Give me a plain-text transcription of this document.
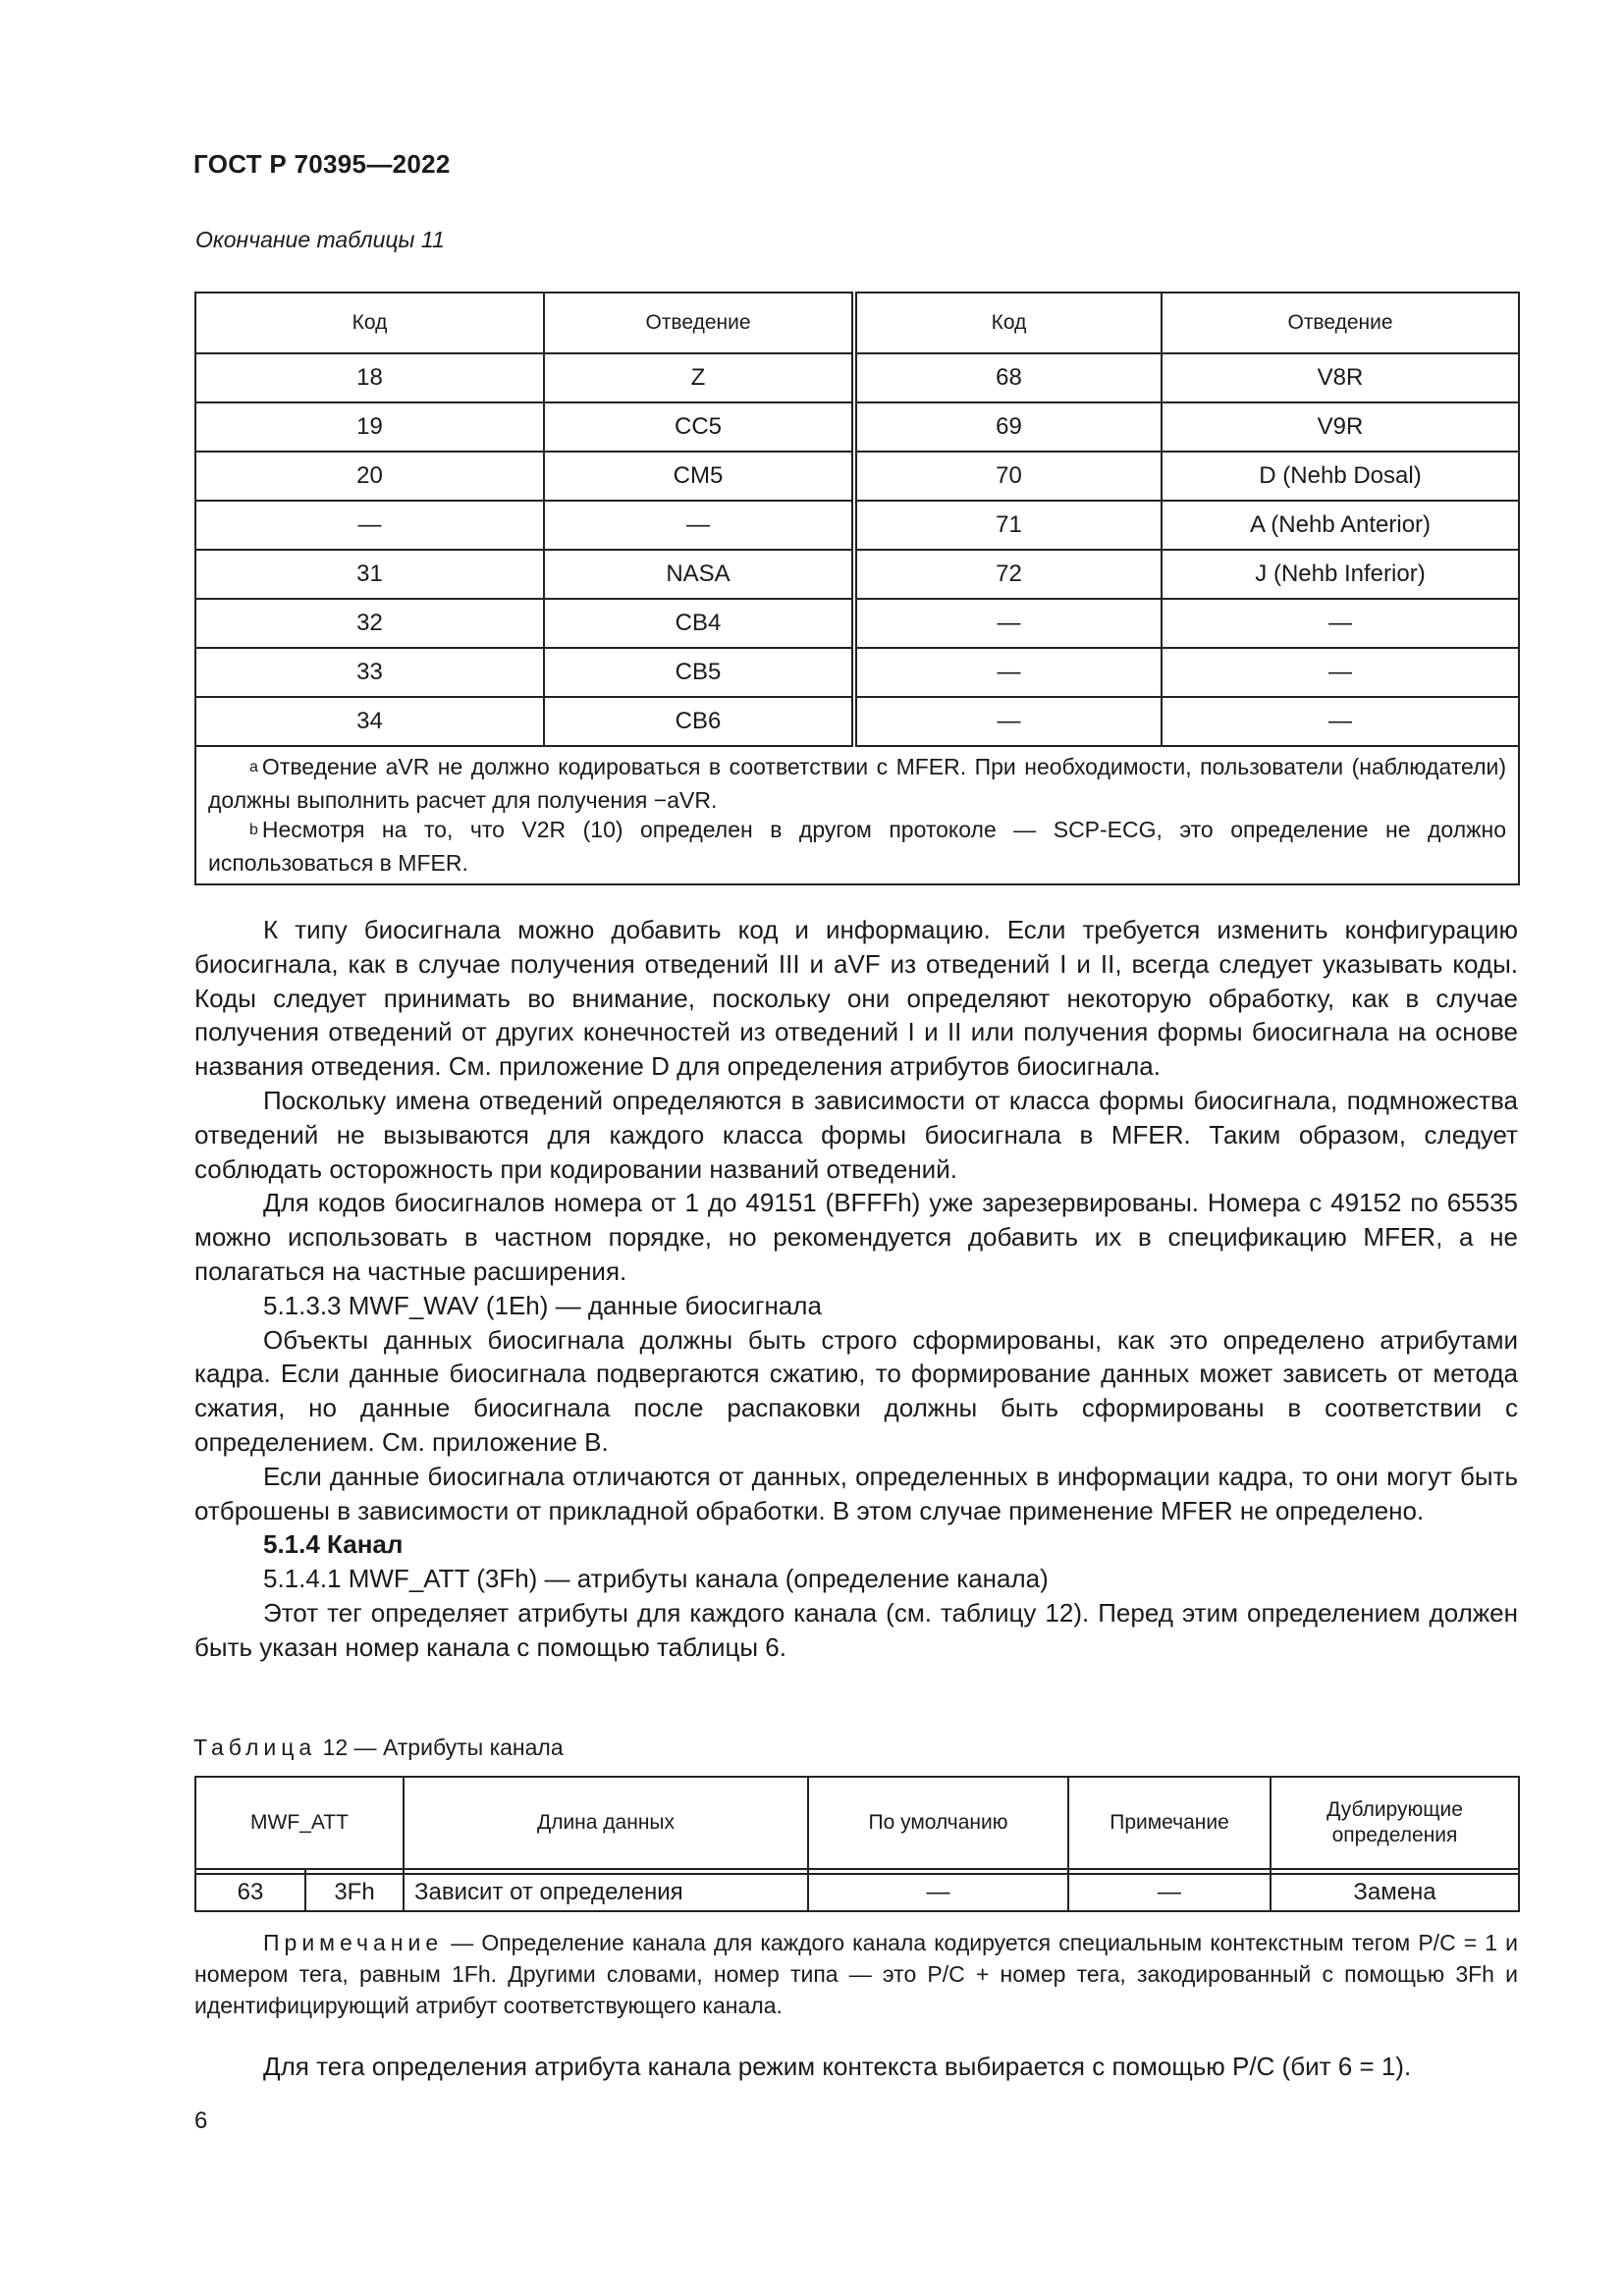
ГОСТ Р 70395—2022
Окончание таблицы 11
Код	Отведение	Код	Отведение
18	Z	68	V8R
19	CC5	69	V9R
20	CM5	70	D (Nehb Dosal)
—	—	71	A (Nehb Anterior)
31	NASA	72	J (Nehb Inferior)
32	CB4	—	—
33	CB5	—	—
34	CB6	—	—

$^a$ Отведение aVR не должно кодироваться в соответствии с MFER. При необходимости, пользователи (наблюдатели) должны выполнить расчет для получения −aVR.
$^b$ Несмотря на то, что V2R (10) определен в другом протоколе — SCP-ECG, это определение не должно использоваться в MFER.			

К типу биосигнала можно добавить код и информацию. Если требуется изменить конфигурацию биосигнала, как в случае получения отведений III и aVF из отведений I и II, всегда следует указывать коды. Коды следует принимать во внимание, поскольку они определяют некоторую обработку, как в случае получения отведений от других конечностей из отведений I и II или получения формы биосигнала на основе названия отведения. См. приложение D для определения атрибутов биосигнала.

Поскольку имена отведений определяются в зависимости от класса формы биосигнала, подмножества отведений не вызываются для каждого класса формы биосигнала в MFER. Таким образом, следует соблюдать осторожность при кодировании названий отведений.

Для кодов биосигналов номера от 1 до 49151 (BFFFh) уже зарезервированы. Номера с 49152 по 65535 можно использовать в частном порядке, но рекомендуется добавить их в спецификацию MFER, а не полагаться на частные расширения.

5.1.3.3 MWF_WAV (1Eh) — данные биосигнала

Объекты данных биосигнала должны быть строго сформированы, как это определено атрибутами кадра. Если данные биосигнала подвергаются сжатию, то формирование данных может зависеть от метода сжатия, но данные биосигнала после распаковки должны быть сформированы в соответствии с определением. См. приложение B.

Если данные биосигнала отличаются от данных, определенных в информации кадра, то они могут быть отброшены в зависимости от прикладной обработки. В этом случае применение MFER не определено.

5.1.4 Канал

5.1.4.1 MWF_ATT (3Fh) — атрибуты канала (определение канала)

Этот тег определяет атрибуты для каждого канала (см. таблицу 12). Перед этим определением должен быть указан номер канала с помощью таблицы 6.

Таблица 12 — Атрибуты канала
MWF_ATT		Длина данных	По умолчанию	Примечание	Дублирующие определения

63	3Fh	Зависит от определения	—	—	Замена
Примечание — Определение канала для каждого канала кодируется специальным контекстным тегом P/C = 1 и номером тега, равным 1Fh. Другими словами, номер типа — это P/C + номер тега, закодированный с помощью 3Fh и идентифицирующий атрибут соответствующего канала.
Для тега определения атрибута канала режим контекста выбирается с помощью P/C (бит 6 = 1).
6
